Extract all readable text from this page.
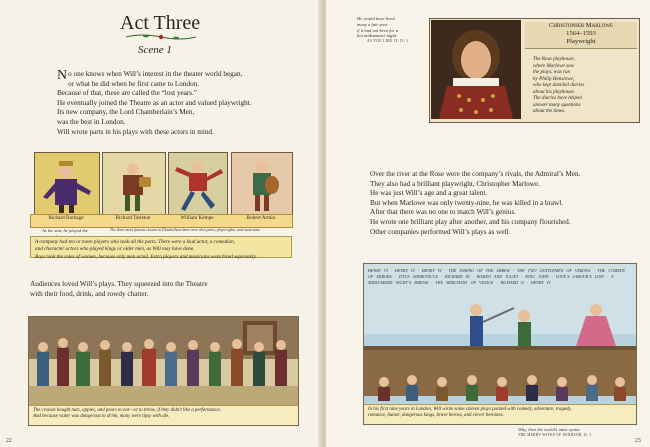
Act Three
Scene 1
No one knows when Will’s interest in the theater world began,
or what he did when he first came to London.
Because of that, these are called the “lost years.”
He eventually joined the Theatre as an actor and valued playwright.
Its new company, the Lord Chamberlain’s Men,
was the best in London.
Will wrote parts in his plays with these actors in mind.
Richard Burbage	Richard Tarleton	William Kempe	Robert Armin
As the star, he played the	The three most famous clowns in Elizabethan times were also poets, playwrights, and musicians.
A company had ten or more players who took all the parts. There were a lead actor, a comedian,
and character actors who played kings or older men, as Will may have done.
Boys took the roles of women, because only men acted. Extra players and musicians were hired separately.
Audiences loved Will’s plays. They squeezed into the Theatre
with their food, drink, and rowdy chatter.
The crowds bought nuts, apples, and pears to eat—or to throw, if they didn’t like a performance.
And because water was dangerous to drink, many were tipsy with ale.
22
He would have lived
many a fair year
if it had not been for a
hot midsummer night.
AS YOU LIKE IT, IV, 1
Christopher Marlowe
1564–1593
Playwright
The Rose playhouse,
where Marlowe saw
the plays, was run
by Philip Henslowe,
who kept detailed diaries
about his playhouse.
The diaries have helped
answer many questions
about the times.
Over the river at the Rose were the company’s rivals, the Admiral’s Men.
They also had a brilliant playwright, Christopher Marlowe.
He was just Will’s age and a great talent.
But when Marlowe was only twenty-nine, he was killed in a brawl.
After that there was no one to match Will’s genius.
He wrote one brilliant play after another, and his company flourished.
Other companies performed Will’s plays as well.
HENRY VI · HENRY VI · HENRY VI · THE TAMING OF THE SHREW · THE TWO GENTLEMEN OF VERONA · THE COMEDY OF ERRORS · TITUS ANDRONICUS · RICHARD III · ROMEO AND JULIET · KING JOHN · LOVE’S LABOUR’S LOST · A MIDSUMMER NIGHT’S DREAM · THE MERCHANT OF VENICE · RICHARD II · HENRY IV
In his first nine years in London, Will wrote some sixteen plays packed with comedy, adventure, tragedy,
romance, humor, dangerous kings, brave heroes, and clever heroines.
Why, then the world’s mine oyster.
THE MERRY WIVES OF WINDSOR, II, 1
23
